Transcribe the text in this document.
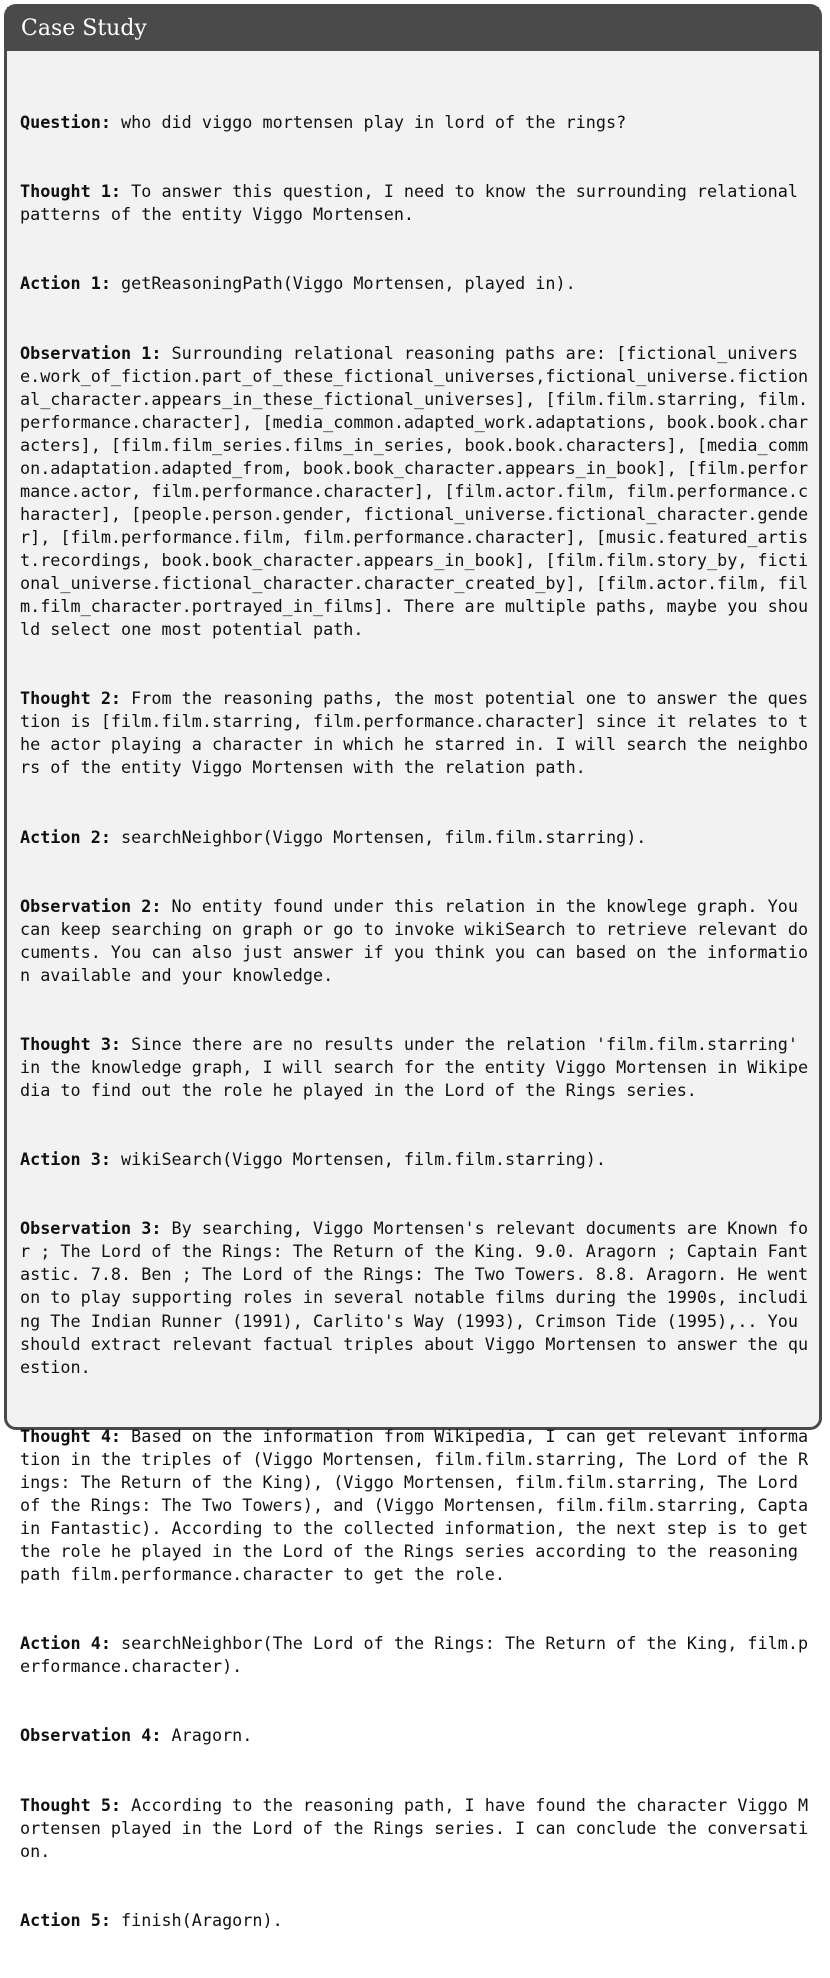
Case Study

Question: who did viggo mortensen play in lord of the rings?

Thought 1: To answer this question, I need to know the surrounding relational patterns of the entity Viggo Mortensen.

Action 1: getReasoningPath(Viggo Mortensen, played in).

Observation 1: Surrounding relational reasoning paths are: [fictional_universe.work_of_fiction.part_of_these_fictional_universes,fictional_universe.fictional_character.appears_in_these_fictional_universes], [film.film.starring, film.performance.character], [media_common.adapted_work.adaptations, book.book.characters], [film.film_series.films_in_series, book.book.characters], [media_common.adaptation.adapted_from, book.book_character.appears_in_book], [film.performance.actor, film.performance.character], [film.actor.film, film.performance.character], [people.person.gender, fictional_universe.fictional_character.gender], [film.performance.film, film.performance.character], [music.featured_artist.recordings, book.book_character.appears_in_book], [film.film.story_by, fictional_universe.fictional_character.character_created_by], [film.actor.film, film.film_character.portrayed_in_films]. There are multiple paths, maybe you should select one most potential path.

Thought 2: From the reasoning paths, the most potential one to answer the question is [film.film.starring, film.performance.character] since it relates to the actor playing a character in which he starred in. I will search the neighbors of the entity Viggo Mortensen with the relation path.

Action 2: searchNeighbor(Viggo Mortensen, film.film.starring).

Observation 2: No entity found under this relation in the knowlege graph. You can keep searching on graph or go to invoke wikiSearch to retrieve relevant documents. You can also just answer if you think you can based on the information available and your knowledge.

Thought 3: Since there are no results under the relation 'film.film.starring' in the knowledge graph, I will search for the entity Viggo Mortensen in Wikipedia to find out the role he played in the Lord of the Rings series.

Action 3: wikiSearch(Viggo Mortensen, film.film.starring).

Observation 3: By searching, Viggo Mortensen's relevant documents are Known for ; The Lord of the Rings: The Return of the King. 9.0. Aragorn ; Captain Fantastic. 7.8. Ben ; The Lord of the Rings: The Two Towers. 8.8. Aragorn. He went on to play supporting roles in several notable films during the 1990s, including The Indian Runner (1991), Carlito's Way (1993), Crimson Tide (1995),.. You should extract relevant factual triples about Viggo Mortensen to answer the question.

Thought 4: Based on the information from Wikipedia, I can get relevant information in the triples of (Viggo Mortensen, film.film.starring, The Lord of the Rings: The Return of the King), (Viggo Mortensen, film.film.starring, The Lord of the Rings: The Two Towers), and (Viggo Mortensen, film.film.starring, Captain Fantastic). According to the collected information, the next step is to get the role he played in the Lord of the Rings series according to the reasoning path film.performance.character to get the role.

Action 4: searchNeighbor(The Lord of the Rings: The Return of the King, film.performance.character).

Observation 4: Aragorn.

Thought 5: According to the reasoning path, I have found the character Viggo Mortensen played in the Lord of the Rings series. I can conclude the conversation.

Action 5: finish(Aragorn).
